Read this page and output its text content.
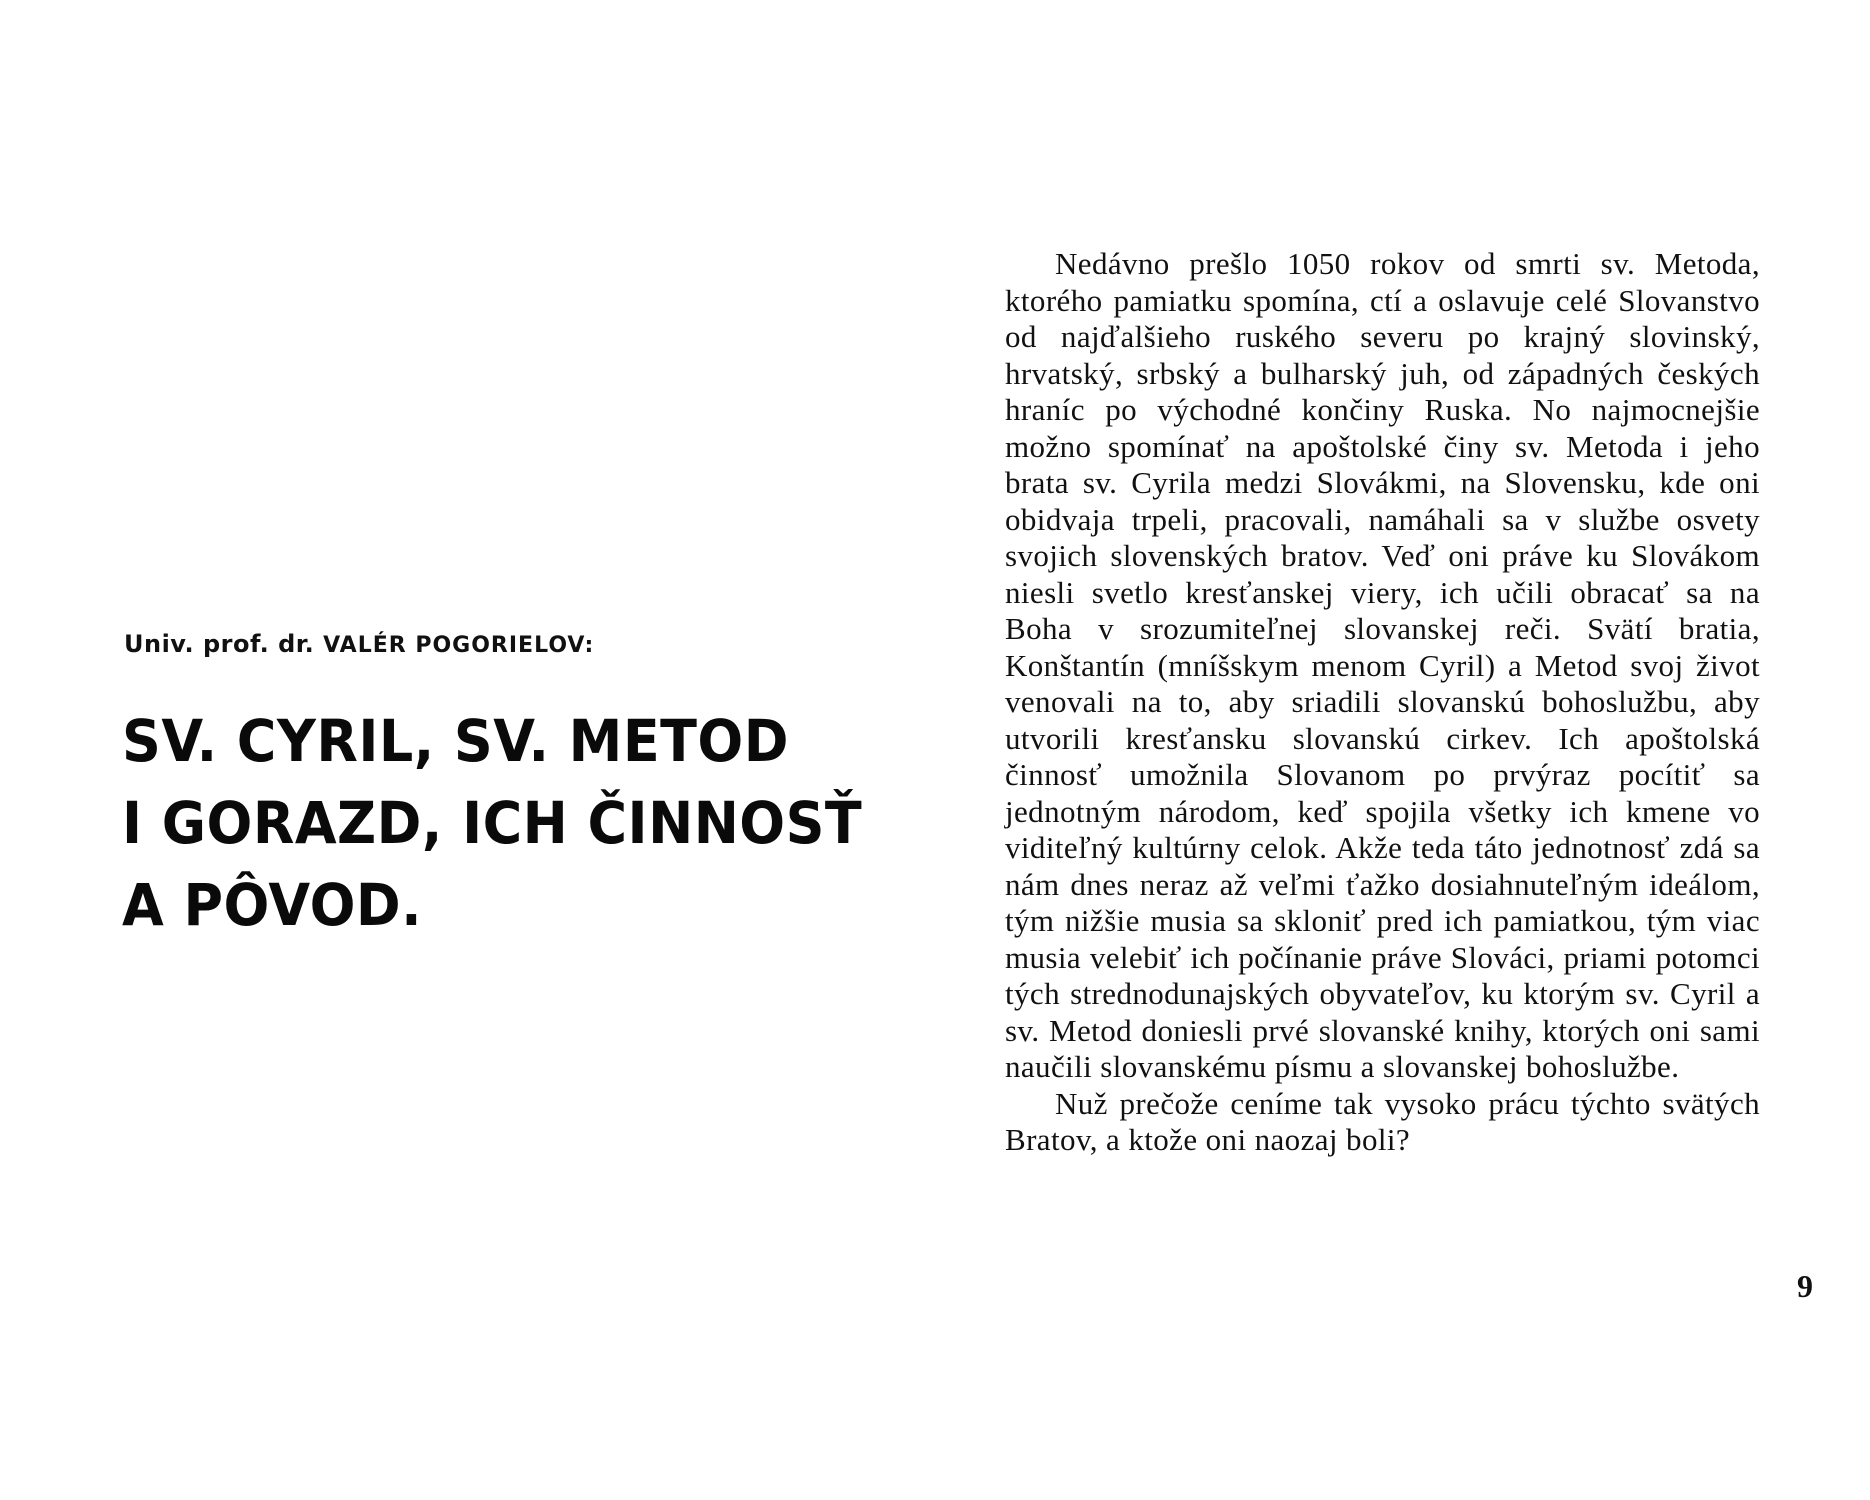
Univ. prof. dr. VALÉR POGORIELOV:
SV. CYRIL, SV. METOD
I GORAZD, ICH ČINNOSŤ
A PÔVOD.

Nedávno prešlo 1050 rokov od smrti sv. Metoda, ktorého pamiatku spomína, ctí a oslavuje celé Slovanstvo od najďalšieho ruského severu po krajný slovinský, hrvatský, srbský a bulharský juh, od západných českých hraníc po východné končiny Ruska. No najmocnejšie možno spomínať na apoštolské činy sv. Metoda i jeho brata sv. Cyrila medzi Slovákmi, na Slovensku, kde oni obidvaja trpeli, pracovali, namáhali sa v službe osvety svojich slovenských bratov. Veď oni práve ku Slovákom niesli svetlo kresťanskej viery, ich učili obracať sa na Boha v srozumiteľnej slovanskej reči. Svätí bratia, Konštantín (mníšskym menom Cyril) a Metod svoj život venovali na to, aby sriadili slovanskú bohoslužbu, aby utvorili kresťansku slovanskú cirkev. Ich apoštolská činnosť umožnila Slovanom po prvýraz pocítiť sa jednotným národom, keď spojila všetky ich kmene vo viditeľný kultúrny celok. Akže teda táto jednotnosť zdá sa nám dnes neraz až veľmi ťažko dosiahnuteľným ideálom, tým nižšie musia sa skloniť pred ich pamiatkou, tým viac musia velebiť ich počínanie práve Slováci, priami potomci tých strednodunajských obyvateľov, ku ktorým sv. Cyril a sv. Metod doniesli prvé slovanské knihy, ktorých oni sami naučili slovanskému písmu a slovanskej bohoslužbe.

Nuž prečože ceníme tak vysoko prácu týchto svätých Bratov, a ktože oni naozaj boli?

9
